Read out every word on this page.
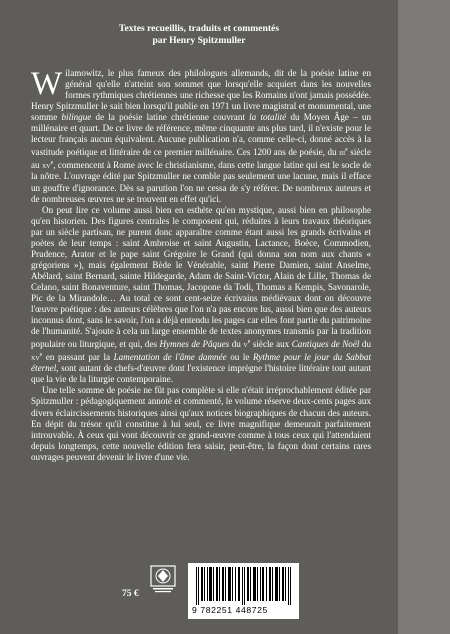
Textes recueillis, traduits et commentés
par Henry Spitzmuller

Wilamowitz, le plus fameux des philologues allemands, dit de la poésie latine en général qu'elle n'atteint son sommet que lorsqu'elle acquiert dans les nouvelles formes rythmiques chrétiennes une richesse que les Romains n'ont jamais possédée. Henry Spitzmuller le sait bien lorsqu'il publie en 1971 un livre magistral et monumental, une somme bilingue de la poésie latine chrétienne couvrant la totalité du Moyen Âge – un millénaire et quart. De ce livre de référence, même cinquante ans plus tard, il n'existe pour le lecteur français aucun équivalent. Aucune publication n'a, comme celle-ci, donné accès à la vastitude poétique et littéraire de ce premier millénaire. Ces 1200 ans de poésie, du iii$^e$ siècle au $xv^e$, commencent à Rome avec le christianisme, dans cette langue latine qui est le socle de la nôtre. L'ouvrage édité par Spitzmuller ne comble pas seulement une lacune, mais il efface un gouffre d'ignorance. Dès sa parution l'on ne cessa de s'y référer. De nombreux auteurs et de nombreuses œuvres ne se trouvent en effet qu'ici.

On peut lire ce volume aussi bien en esthète qu'en mystique, aussi bien en philosophe qu'en historien. Des figures centrales le composent qui, réduites à leurs travaux théoriques par un siècle partisan, ne purent donc apparaître comme étant aussi les grands écrivains et poètes de leur temps : saint Ambroise et saint Augustin, Lactance, Boèce, Commodien, Prudence, Arator et le pape saint Grégoire le Grand (qui donna son nom aux chants « grégoriens »), mais également Bède le Vénérable, saint Pierre Damien, saint Anselme, Abélard, saint Bernard, sainte Hildegarde, Adam de Saint-Victor, Alain de Lille, Thomas de Celano, saint Bonaventure, saint Thomas, Jacopone da Todi, Thomas a Kempis, Savonarole, Pic de la Mirandole… Au total ce sont cent-seize écrivains médiévaux dont on découvre l'œuvre poétique : des auteurs célèbres que l'on n'a pas encore lus, aussi bien que des auteurs inconnus dont, sans le savoir, l'on a déjà entendu les pages car elles font partie du patrimoine de l'humanité. S'ajoute à cela un large ensemble de textes anonymes transmis par la tradition populaire ou liturgique, et qui, des Hymnes de Pâques du $v^e$ siècle aux Cantiques de Noël du $xv^e$ en passant par la Lamentation de l'âme damnée ou le Rythme pour le jour du Sabbat éternel, sont autant de chefs-d'œuvre dont l'existence imprègne l'histoire littéraire tout autant que la vie de la liturgie contemporaine.

Une telle somme de poésie ne fût pas complète si elle n'était irréprochablement éditée par Spitzmuller : pédagogiquement annoté et commenté, le volume réserve deux-cents pages aux divers éclaircissements historiques ainsi qu'aux notices biographiques de chacun des auteurs. En dépit du trésor qu'il constitue à lui seul, ce livre magnifique demeurait parfaitement introuvable. À ceux qui vont découvrir ce grand-œuvre comme à tous ceux qui l'attendaient depuis longtemps, cette nouvelle édition fera saisir, peut-être, la façon dont certains rares ouvrages peuvent devenir le livre d'une vie.

75 €
9 782251 448725
